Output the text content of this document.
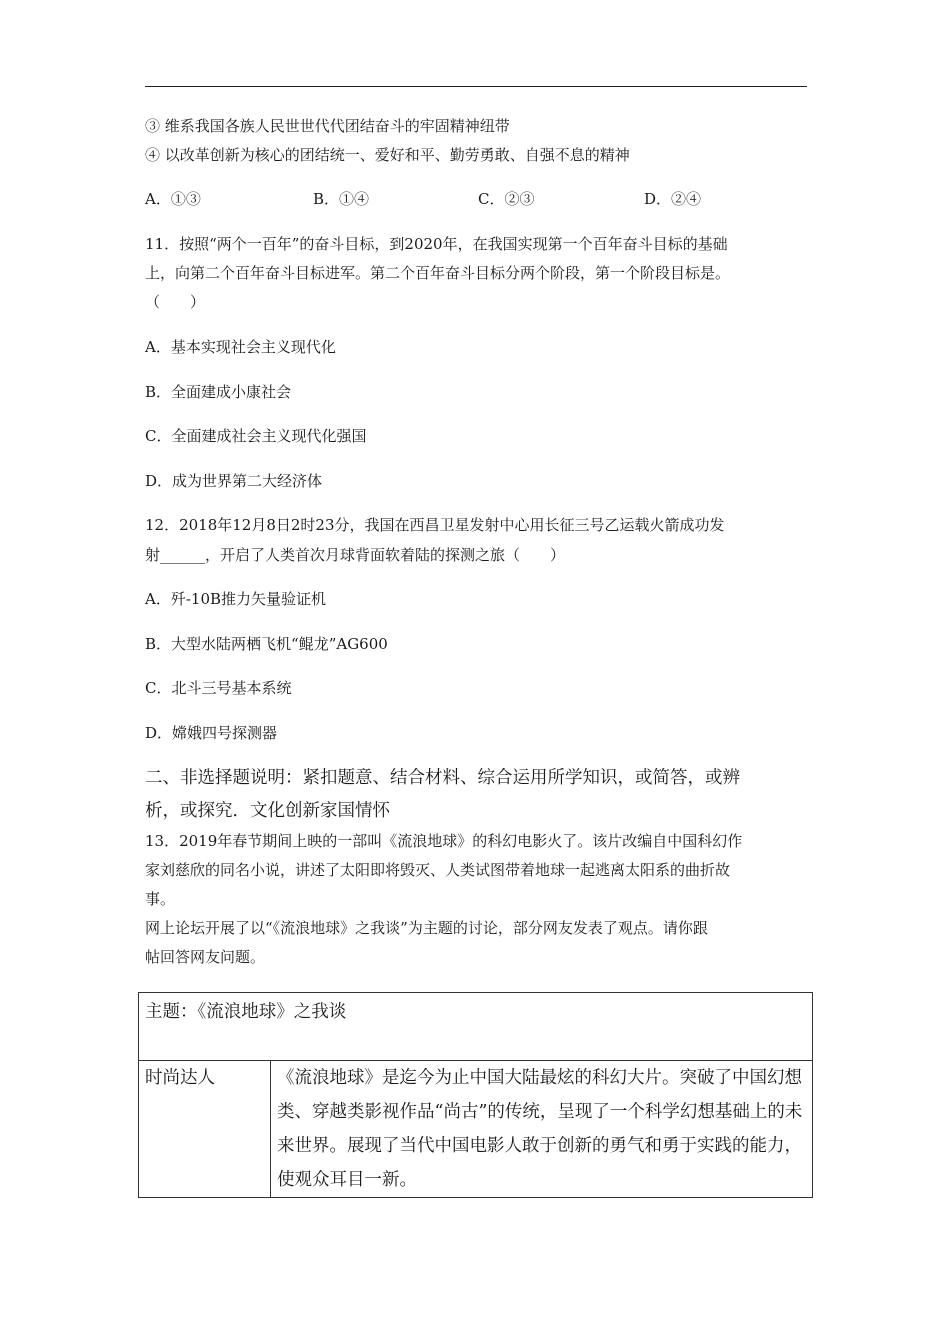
③ 维系我国各族人民世世代代团结奋斗的牢固精神纽带
④ 以改革创新为核心的团结统一、爱好和平、勤劳勇敢、自强不息的精神
A．①③	B．①④	C．②③	D．②④
11．按照“两个一百年”的奋斗目标，到2020年，在我国实现第一个百年奋斗目标的基础
上，向第二个百年奋斗目标进军。第二个百年奋斗目标分两个阶段，第一个阶段目标是。
（　　）
A．基本实现社会主义现代化
B．全面建成小康社会
C．全面建成社会主义现代化强国
D．成为世界第二大经济体
12．2018年12月8日2时23分，我国在西昌卫星发射中心用长征三号乙运载火箭成功发
射______，开启了人类首次月球背面软着陆的探测之旅（　　）
A．歼-10B推力矢量验证机
B．大型水陆两栖飞机“鲲龙”AG600
C．北斗三号基本系统
D．嫦娥四号探测器
二、非选择题说明：紧扣题意、结合材料、综合运用所学知识，或简答，或辨
析，或探究．文化创新家国情怀
13．2019年春节期间上映的一部叫《流浪地球》的科幻电影火了。该片改编自中国科幻作
家刘慈欣的同名小说，讲述了太阳即将毁灭、人类试图带着地球一起逃离太阳系的曲折故
事。
网上论坛开展了以“《流浪地球》之我谈”为主题的讨论，部分网友发表了观点。请你跟
帖回答网友问题。
主题：《流浪地球》之我谈
时尚达人	《流浪地球》是迄今为止中国大陆最炫的科幻大片。突破了中国幻想类、穿越类影视作品“尚古”的传统，呈现了一个科学幻想基础上的未来世界。展现了当代中国电影人敢于创新的勇气和勇于实践的能力，使观众耳目一新。
